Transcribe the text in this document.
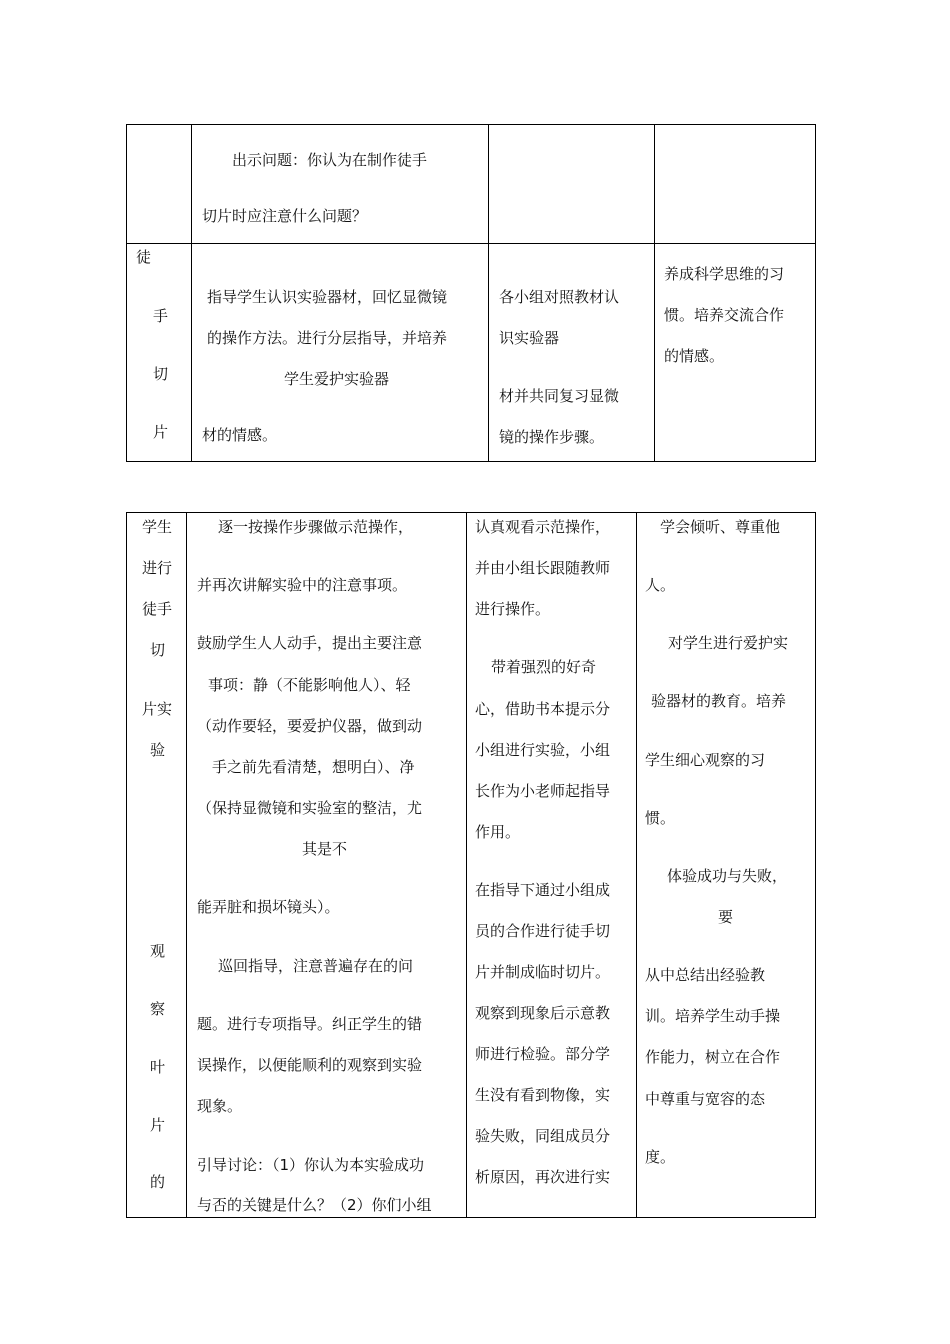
出示问题：你认为在制作徒手
切片时应注意什么问题？
徒
手
切
片
指导学生认识实验器材，回忆显微镜
的操作方法。进行分层指导，并培养
学生爱护实验器
材的情感。
各小组对照教材认
识实验器
材并共同复习显微
镜的操作步骤。
养成科学思维的习
惯。培养交流合作
的情感。
学生
进行
徒手
切
片实
验
观
察
叶
片
的
逐一按操作步骤做示范操作，
并再次讲解实验中的注意事项。
鼓励学生人人动手，提出主要注意
事项：静（不能影响他人）、轻
（动作要轻，要爱护仪器，做到动
手之前先看清楚，想明白）、净
（保持显微镜和实验室的整洁，尤
其是不
能弄脏和损坏镜头）。
巡回指导，注意普遍存在的问
题。进行专项指导。纠正学生的错
误操作，以便能顺利的观察到实验
现象。
引导讨论：（1）你认为本实验成功
与否的关键是什么？（2）你们小组
认真观看示范操作，
并由小组长跟随教师
进行操作。
带着强烈的好奇
心，借助书本提示分
小组进行实验，小组
长作为小老师起指导
作用。
在指导下通过小组成
员的合作进行徒手切
片并制成临时切片。
观察到现象后示意教
师进行检验。部分学
生没有看到物像，实
验失败，同组成员分
析原因，再次进行实
学会倾听、尊重他
人。
对学生进行爱护实
验器材的教育。培养
学生细心观察的习
惯。
体验成功与失败，
要
从中总结出经验教
训。培养学生动手操
作能力，树立在合作
中尊重与宽容的态
度。
